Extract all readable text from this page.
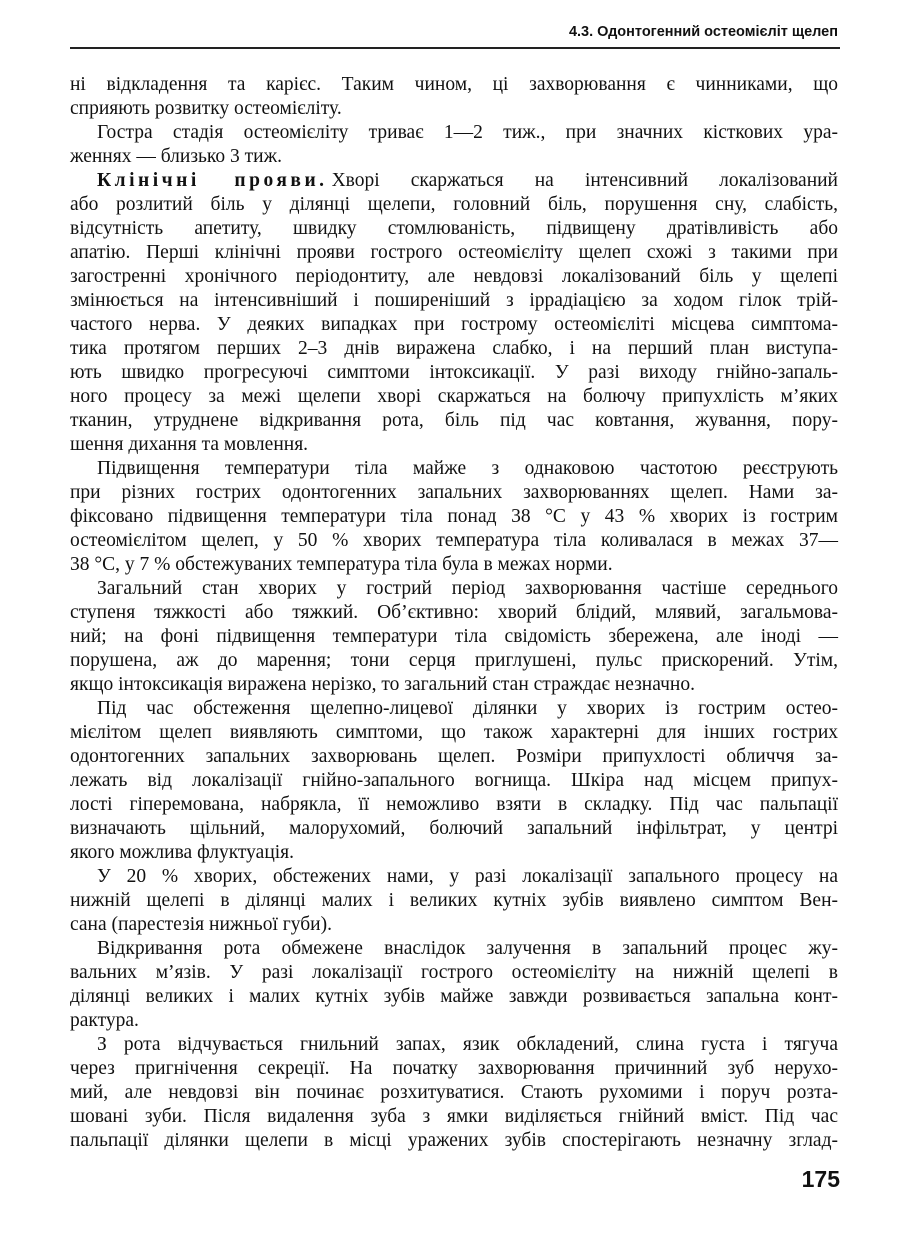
4.3. Одонтогенний остеомієліт щелеп
ні відкладення та карієс. Таким чином, ці захворювання є чинниками, що
сприяють розвитку остеомієліту.
Гостра стадія остеомієліту триває 1—2 тиж., при значних кісткових ура-
женнях — близько 3 тиж.
Клінічні прояви. Хворі скаржаться на інтенсивний локалізований
або розлитий біль у ділянці щелепи, головний біль, порушення сну, слабість,
відсутність апетиту, швидку стомлюваність, підвищену дратівливість або
апатію. Перші клінічні прояви гострого остеомієліту щелеп схожі з такими при
загостренні хронічного періодонтиту, але невдовзі локалізований біль у щелепі
змінюється на інтенсивніший і поширеніший з іррадіацією за ходом гілок трій-
частого нерва. У деяких випадках при гострому остеомієліті місцева симптома-
тика протягом перших 2–3 днів виражена слабко, і на перший план виступа-
ють швидко прогресуючі симптоми інтоксикації. У разі виходу гнійно-запаль-
ного процесу за межі щелепи хворі скаржаться на болючу припухлість м’яких
тканин, утруднене відкривання рота, біль під час ковтання, жування, пору-
шення дихання та мовлення.
Підвищення температури тіла майже з однаковою частотою реєструють
при різних гострих одонтогенних запальних захворюваннях щелеп. Нами за-
фіксовано підвищення температури тіла понад 38 °С у 43 % хворих із гострим
остеомієлітом щелеп, у 50 % хворих температура тіла коливалася в межах 37—
38 °С, у 7 % обстежуваних температура тіла була в межах норми.
Загальний стан хворих у гострий період захворювання частіше середнього
ступеня тяжкості або тяжкий. Об’єктивно: хворий блідий, млявий, загальмова-
ний; на фоні підвищення температури тіла свідомість збережена, але іноді —
порушена, аж до марення; тони серця приглушені, пульс прискорений. Утім,
якщо інтоксикація виражена нерізко, то загальний стан страждає незначно.
Під час обстеження щелепно-лицевої ділянки у хворих із гострим остео-
мієлітом щелеп виявляють симптоми, що також характерні для інших гострих
одонтогенних запальних захворювань щелеп. Розміри припухлості обличчя за-
лежать від локалізації гнійно-запального вогнища. Шкіра над місцем припух-
лості гіперемована, набрякла, її неможливо взяти в складку. Під час пальпації
визначають щільний, малорухомий, болючий запальний інфільтрат, у центрі
якого можлива флуктуація.
У 20 % хворих, обстежених нами, у разі локалізації запального процесу на
нижній щелепі в ділянці малих і великих кутніх зубів виявлено симптом Вен-
сана (парестезія нижньої губи).
Відкривання рота обмежене внаслідок залучення в запальний процес жу-
вальних м’язів. У разі локалізації гострого остеомієліту на нижній щелепі в
ділянці великих і малих кутніх зубів майже завжди розвивається запальна конт-
рактура.
З рота відчувається гнильний запах, язик обкладений, слина густа і тягуча
через пригнічення секреції. На початку захворювання причинний зуб нерухо-
мий, але невдовзі він починає розхитуватися. Стають рухомими і поруч розта-
шовані зуби. Після видалення зуба з ямки виділяється гнійний вміст. Під час
пальпації ділянки щелепи в місці уражених зубів спостерігають незначну зглад-
175
